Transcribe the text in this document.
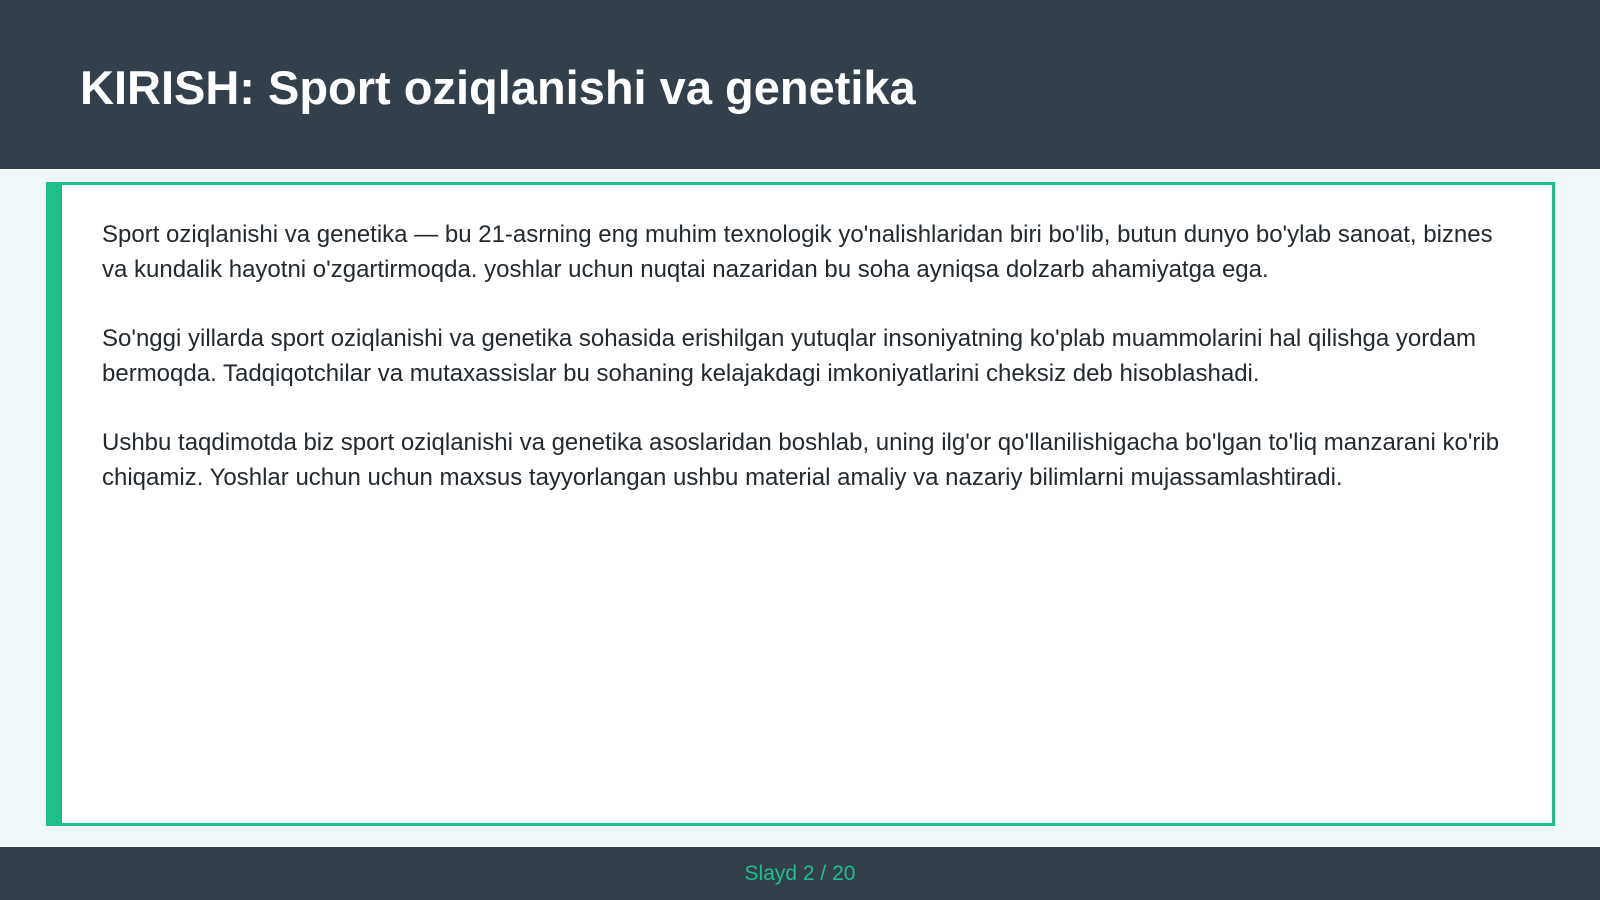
KIRISH: Sport oziqlanishi va genetika

Sport oziqlanishi va genetika — bu 21-asrning eng muhim texnologik yo'nalishlaridan biri bo'lib, butun dunyo bo'ylab sanoat, biznes va kundalik hayotni o'zgartirmoqda. yoshlar uchun nuqtai nazaridan bu soha ayniqsa dolzarb ahamiyatga ega.

So'nggi yillarda sport oziqlanishi va genetika sohasida erishilgan yutuqlar insoniyatning ko'plab muammolarini hal qilishga yordam bermoqda. Tadqiqotchilar va mutaxassislar bu sohaning kelajakdagi imkoniyatlarini cheksiz deb hisoblashadi.

Ushbu taqdimotda biz sport oziqlanishi va genetika asoslaridan boshlab, uning ilg'or qo'llanilishigacha bo'lgan to'liq manzarani ko'rib chiqamiz. Yoshlar uchun uchun maxsus tayyorlangan ushbu material amaliy va nazariy bilimlarni mujassamlashtiradi.

Slayd 2 / 20
